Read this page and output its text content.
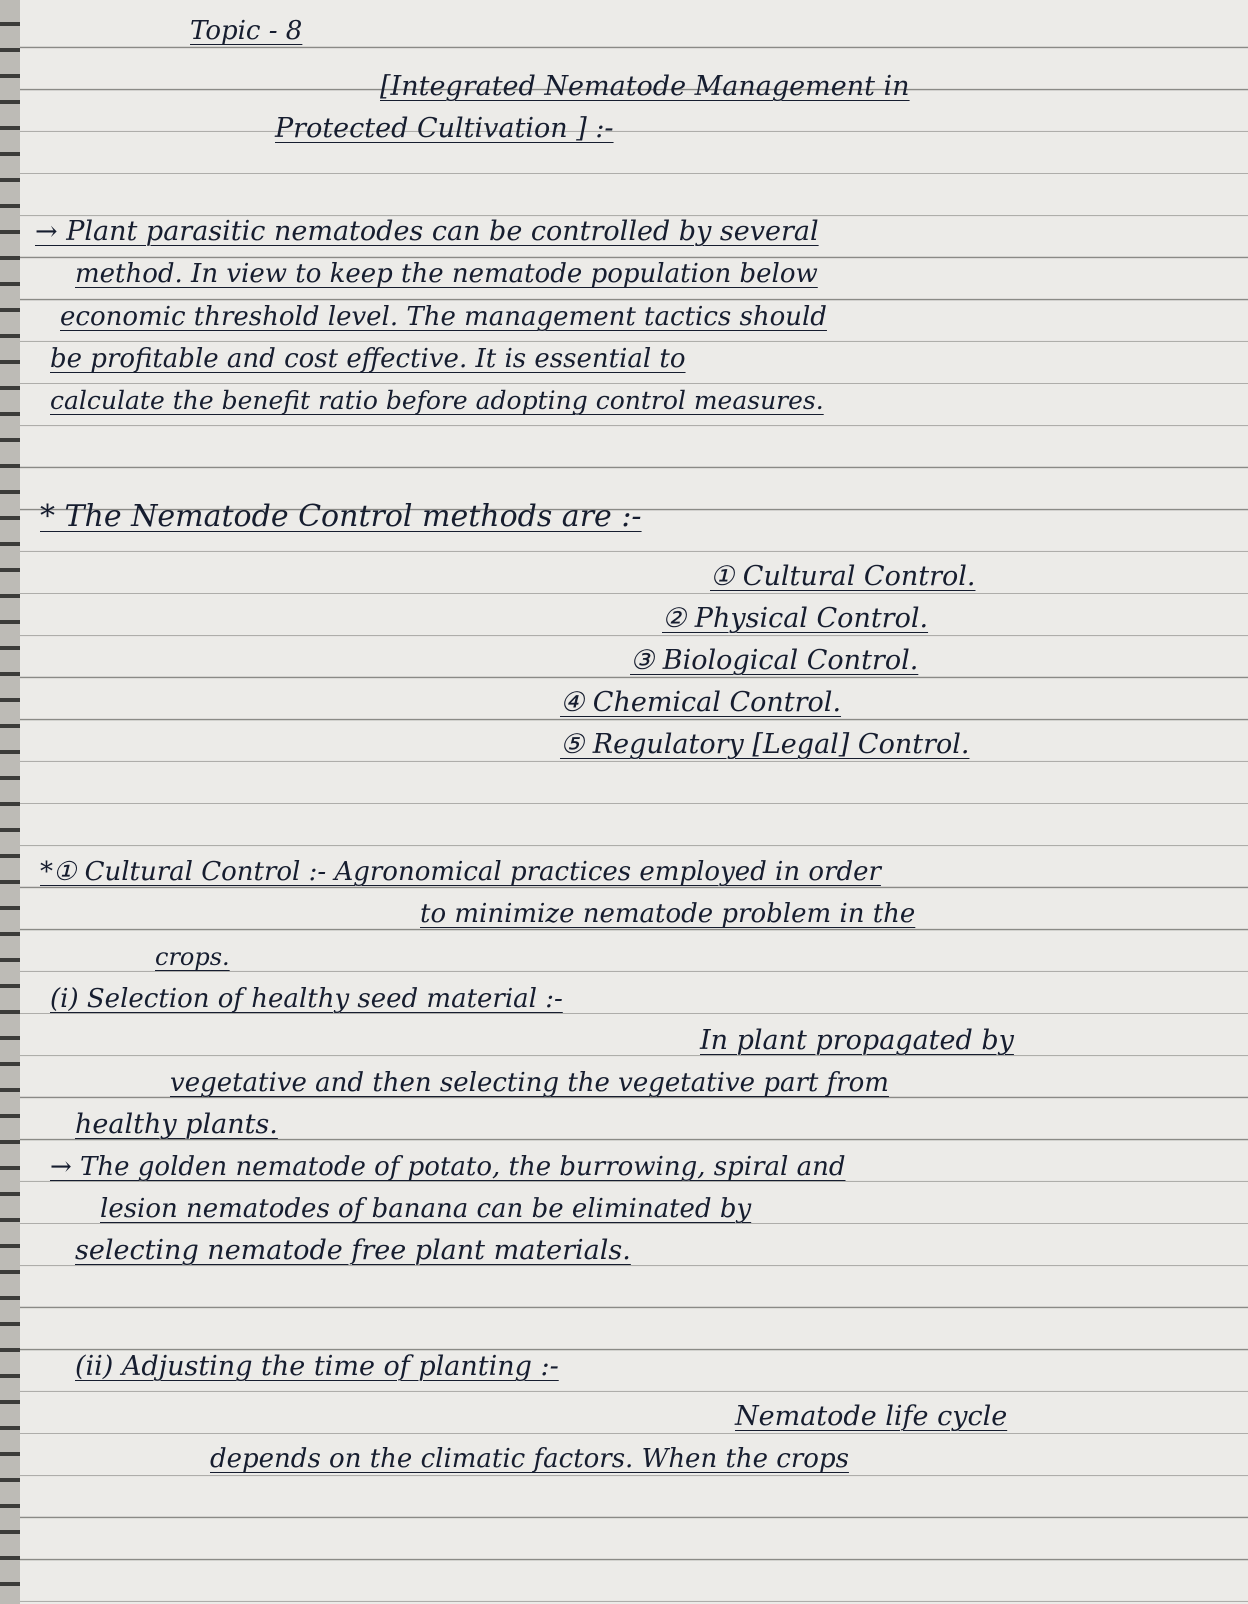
Topic - 8

[Integrated Nematode Management in

Protected Cultivation ] :-

→ Plant parasitic nematodes can be controlled by several

method. In view to keep the nematode population below

economic threshold level. The management tactics should

be profitable and cost effective. It is essential to

calculate the benefit ratio before adopting control measures.

* The Nematode Control methods are :-

① Cultural Control.

② Physical Control.

③ Biological Control.

④ Chemical Control.

⑤ Regulatory [Legal] Control.

*① Cultural Control :- Agronomical practices employed in order

to minimize nematode problem in the

crops.

(i) Selection of healthy seed material :-

In plant propagated by

vegetative and then selecting the vegetative part from

healthy plants.

→ The golden nematode of potato, the burrowing, spiral and

lesion nematodes of banana can be eliminated by

selecting nematode free plant materials.

(ii) Adjusting the time of planting :-

Nematode life cycle

depends on the climatic factors. When the crops
